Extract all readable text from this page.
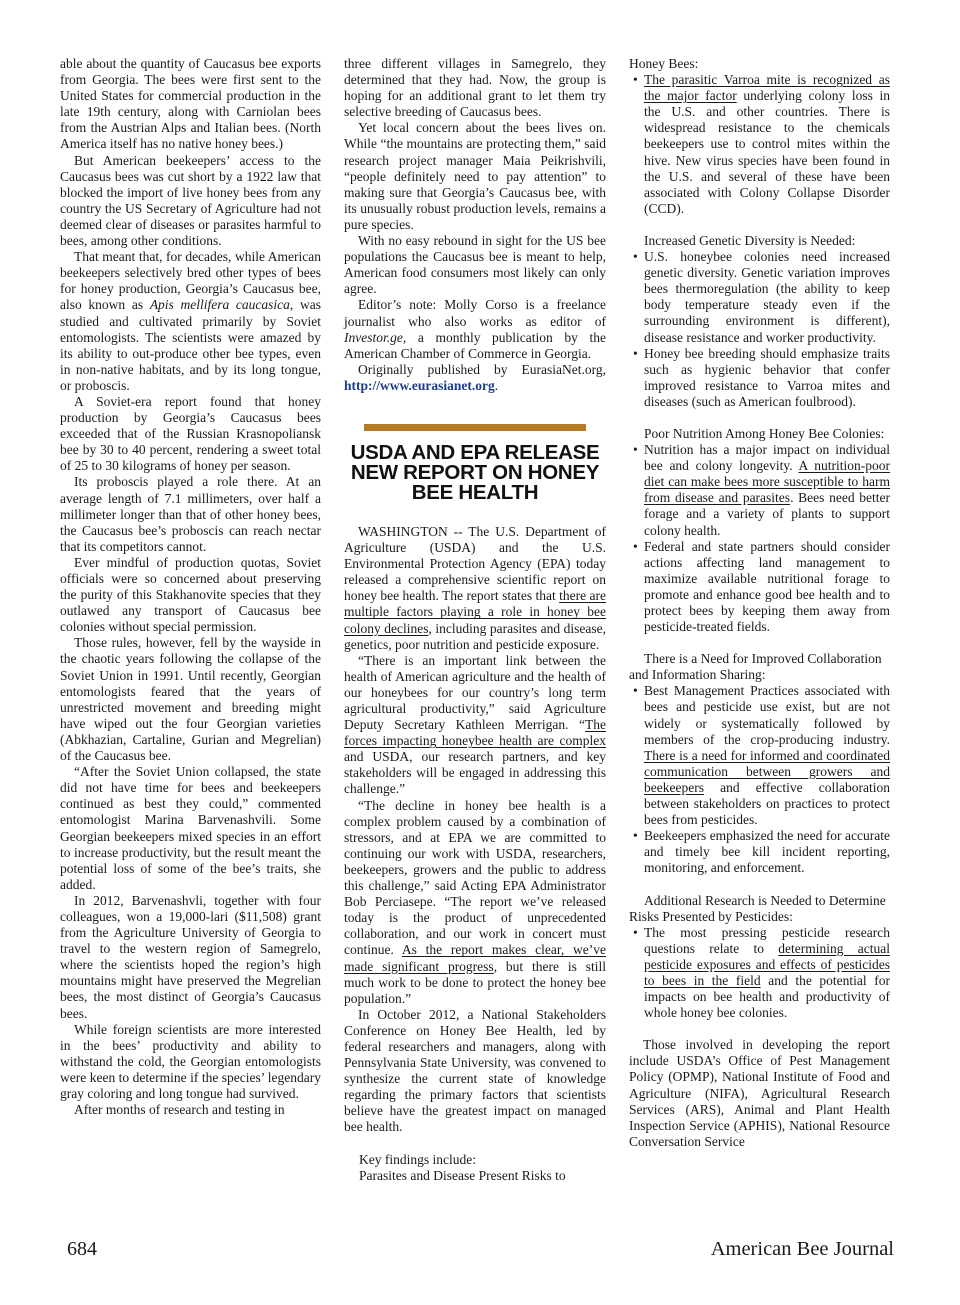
able about the quantity of Caucasus bee exports from Georgia. The bees were first sent to the United States for commercial production in the late 19th century, along with Carniolan bees from the Austrian Alps and Italian bees. (North America itself has no native honey bees.)

But American beekeepers’ access to the Caucasus bees was cut short by a 1922 law that blocked the import of live honey bees from any country the US Secretary of Agriculture had not deemed clear of diseases or parasites harmful to bees, among other conditions.

That meant that, for decades, while American beekeepers selectively bred other types of bees for honey production, Georgia’s Caucasus bee, also known as Apis mellifera caucasica, was studied and cultivated primarily by Soviet entomologists. The scientists were amazed by its ability to out-produce other bee types, even in non-native habitats, and by its long tongue, or proboscis.

A Soviet-era report found that honey production by Georgia’s Caucasus bees exceeded that of the Russian Krasnopoliansk bee by 30 to 40 percent, rendering a sweet total of 25 to 30 kilograms of honey per season.

Its proboscis played a role there. At an average length of 7.1 millimeters, over half a millimeter longer than that of other honey bees, the Caucasus bee’s proboscis can reach nectar that its competitors cannot.

Ever mindful of production quotas, Soviet officials were so concerned about preserving the purity of this Stakhanovite species that they outlawed any transport of Caucasus bee colonies without special permission.

Those rules, however, fell by the wayside in the chaotic years following the collapse of the Soviet Union in 1991. Until recently, Georgian entomologists feared that the years of unrestricted movement and breeding might have wiped out the four Georgian varieties (Abkhazian, Cartaline, Gurian and Megrelian) of the Caucasus bee.

“After the Soviet Union collapsed, the state did not have time for bees and beekeepers continued as best they could,” commented entomologist Marina Barvenashvili. Some Georgian beekeepers mixed species in an effort to increase productivity, but the result meant the potential loss of some of the bee’s traits, she added.

In 2012, Barvenashvli, together with four colleagues, won a 19,000-lari ($11,508) grant from the Agriculture University of Georgia to travel to the western region of Samegrelo, where the scientists hoped the region’s high mountains might have preserved the Megrelian bees, the most distinct of Georgia’s Caucasus bees.

While foreign scientists are more interested in the bees’ productivity and ability to withstand the cold, the Georgian entomologists were keen to determine if the species’ legendary gray coloring and long tongue had survived.

After months of research and testing in

three different villages in Samegrelo, they determined that they had. Now, the group is hoping for an additional grant to let them try selective breeding of Caucasus bees.

Yet local concern about the bees lives on. While “the mountains are protecting them,” said research project manager Maia Peikrishvili, “people definitely need to pay attention” to making sure that Georgia’s Caucasus bee, with its unusually robust production levels, remains a pure species.

With no easy rebound in sight for the US bee populations the Caucasus bee is meant to help, American food consumers most likely can only agree.

Editor’s note: Molly Corso is a freelance journalist who also works as editor of Investor.ge, a monthly publication by the American Chamber of Commerce in Georgia.

Originally published by EurasiaNet.org, http://www.eurasianet.org.

USDA AND EPA RELEASE NEW REPORT ON HONEY BEE HEALTH

WASHINGTON -- The U.S. Department of Agriculture (USDA) and the U.S. Environmental Protection Agency (EPA) today released a comprehensive scientific report on honey bee health. The report states that there are multiple factors playing a role in honey bee colony declines, including parasites and disease, genetics, poor nutrition and pesticide exposure.

“There is an important link between the health of American agriculture and the health of our honeybees for our country’s long term agricultural productivity,” said Agriculture Deputy Secretary Kathleen Merrigan. “The forces impacting honeybee health are complex and USDA, our research partners, and key stakeholders will be engaged in addressing this challenge.”

“The decline in honey bee health is a complex problem caused by a combination of stressors, and at EPA we are committed to continuing our work with USDA, researchers, beekeepers, growers and the public to address this challenge,” said Acting EPA Administrator Bob Perciasepe. “The report we’ve released today is the product of unprecedented collaboration, and our work in concert must continue. As the report makes clear, we’ve made significant progress, but there is still much work to be done to protect the honey bee population.”

In October 2012, a National Stakeholders Conference on Honey Bee Health, led by federal researchers and managers, along with Pennsylvania State University, was convened to synthesize the current state of knowledge regarding the primary factors that scientists believe have the greatest impact on managed bee health.

Key findings include:

Parasites and Disease Present Risks to

Honey Bees:

• The parasitic Varroa mite is recognized as the major factor underlying colony loss in the U.S. and other countries. There is widespread resistance to the chemicals beekeepers use to control mites within the hive. New virus species have been found in the U.S. and several of these have been associated with Colony Collapse Disorder (CCD).

Increased Genetic Diversity is Needed:

• U.S. honeybee colonies need increased genetic diversity. Genetic variation improves bees thermoregulation (the ability to keep body temperature steady even if the surrounding environment is different), disease resistance and worker productivity.
• Honey bee breeding should emphasize traits such as hygienic behavior that confer improved resistance to Varroa mites and diseases (such as American foulbrood).

Poor Nutrition Among Honey Bee Colonies:

• Nutrition has a major impact on individual bee and colony longevity. A nutrition-poor diet can make bees more susceptible to harm from disease and parasites. Bees need better forage and a variety of plants to support colony health.
• Federal and state partners should consider actions affecting land management to maximize available nutritional forage to promote and enhance good bee health and to protect bees by keeping them away from pesticide-treated fields.

There is a Need for Improved Collaboration and Information Sharing:

• Best Management Practices associated with bees and pesticide use exist, but are not widely or systematically followed by members of the crop-producing industry. There is a need for informed and coordinated communication between growers and beekeepers and effective collaboration between stakeholders on practices to protect bees from pesticides.
• Beekeepers emphasized the need for accurate and timely bee kill incident reporting, monitoring, and enforcement.

Additional Research is Needed to Determine Risks Presented by Pesticides:

• The most pressing pesticide research questions relate to determining actual pesticide exposures and effects of pesticides to bees in the field and the potential for impacts on bee health and productivity of whole honey bee colonies.

Those involved in developing the report include USDA’s Office of Pest Management Policy (OPMP), National Institute of Food and Agriculture (NIFA), Agricultural Research Services (ARS), Animal and Plant Health Inspection Service (APHIS), National Resource Conversation Service

684	American Bee Journal
